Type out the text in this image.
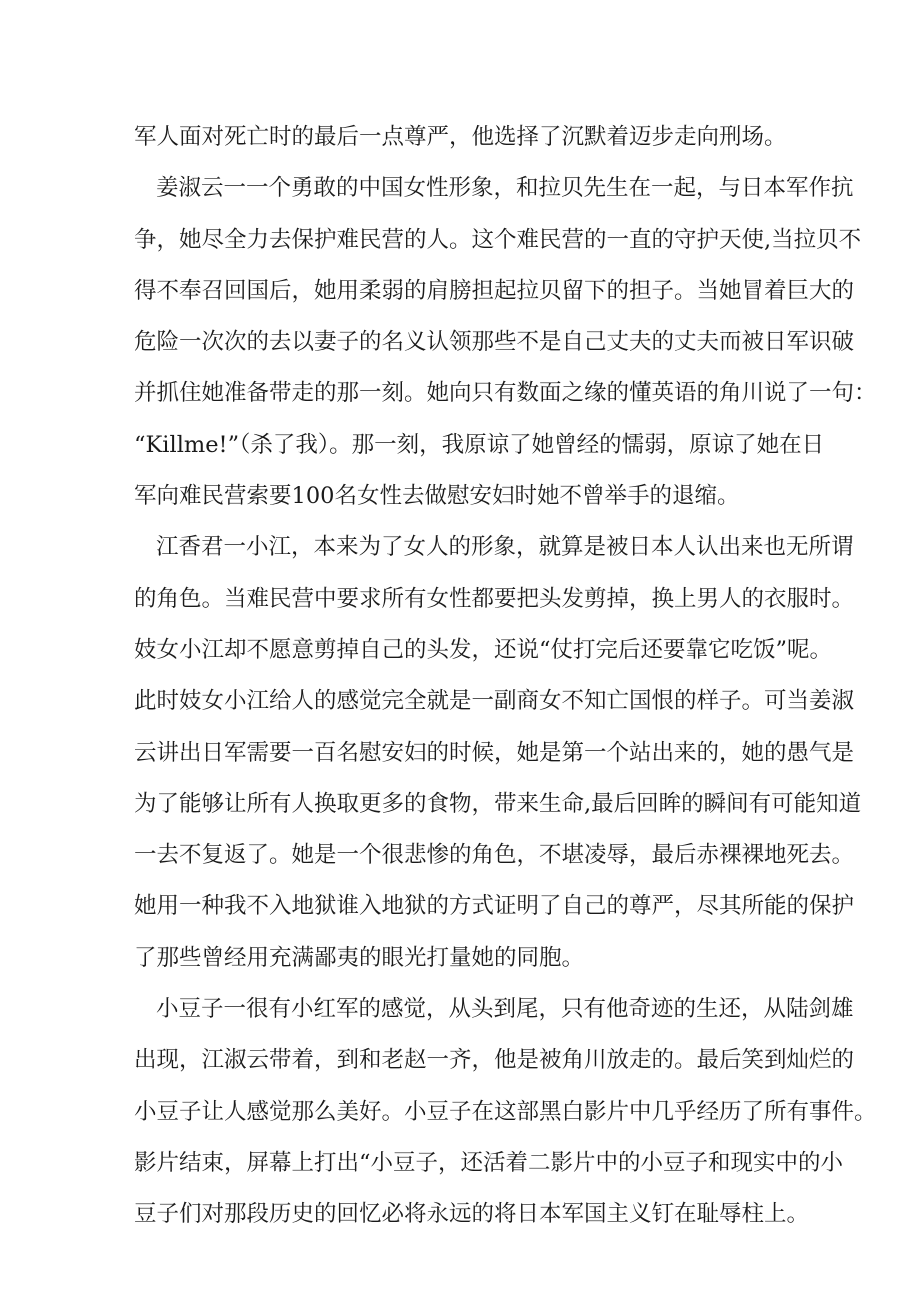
军人面对死亡时的最后一点尊严，他选择了沉默着迈步走向刑场。
姜淑云一一个勇敢的中国女性形象，和拉贝先生在一起，与日本军作抗
争，她尽全力去保护难民营的人。这个难民营的一直的守护天使,当拉贝不
得不奉召回国后，她用柔弱的肩膀担起拉贝留下的担子。当她冒着巨大的
危险一次次的去以妻子的名义认领那些不是自己丈夫的丈夫而被日军识破
并抓住她准备带走的那一刻。她向只有数面之缘的懂英语的角川说了一句：
“Killme!”（杀了我）。那一刻，我原谅了她曾经的懦弱，原谅了她在日
军向难民营索要100名女性去做慰安妇时她不曾举手的退缩。
江香君一小江，本来为了女人的形象，就算是被日本人认出来也无所谓
的角色。当难民营中要求所有女性都要把头发剪掉，换上男人的衣服时。
妓女小江却不愿意剪掉自己的头发，还说“仗打完后还要靠它吃饭”呢。
此时妓女小江给人的感觉完全就是一副商女不知亡国恨的样子。可当姜淑
云讲出日军需要一百名慰安妇的时候，她是第一个站出来的，她的愚气是
为了能够让所有人换取更多的食物，带来生命,最后回眸的瞬间有可能知道
一去不复返了。她是一个很悲惨的角色，不堪凌辱，最后赤裸裸地死去。
她用一种我不入地狱谁入地狱的方式证明了自己的尊严，尽其所能的保护
了那些曾经用充满鄙夷的眼光打量她的同胞。
小豆子一很有小红军的感觉，从头到尾，只有他奇迹的生还，从陆剑雄
出现，江淑云带着，到和老赵一齐，他是被角川放走的。最后笑到灿烂的
小豆子让人感觉那么美好。小豆子在这部黑白影片中几乎经历了所有事件。
影片结束，屏幕上打出“小豆子，还活着二影片中的小豆子和现实中的小
豆子们对那段历史的回忆必将永远的将日本军国主义钉在耻辱柱上。
